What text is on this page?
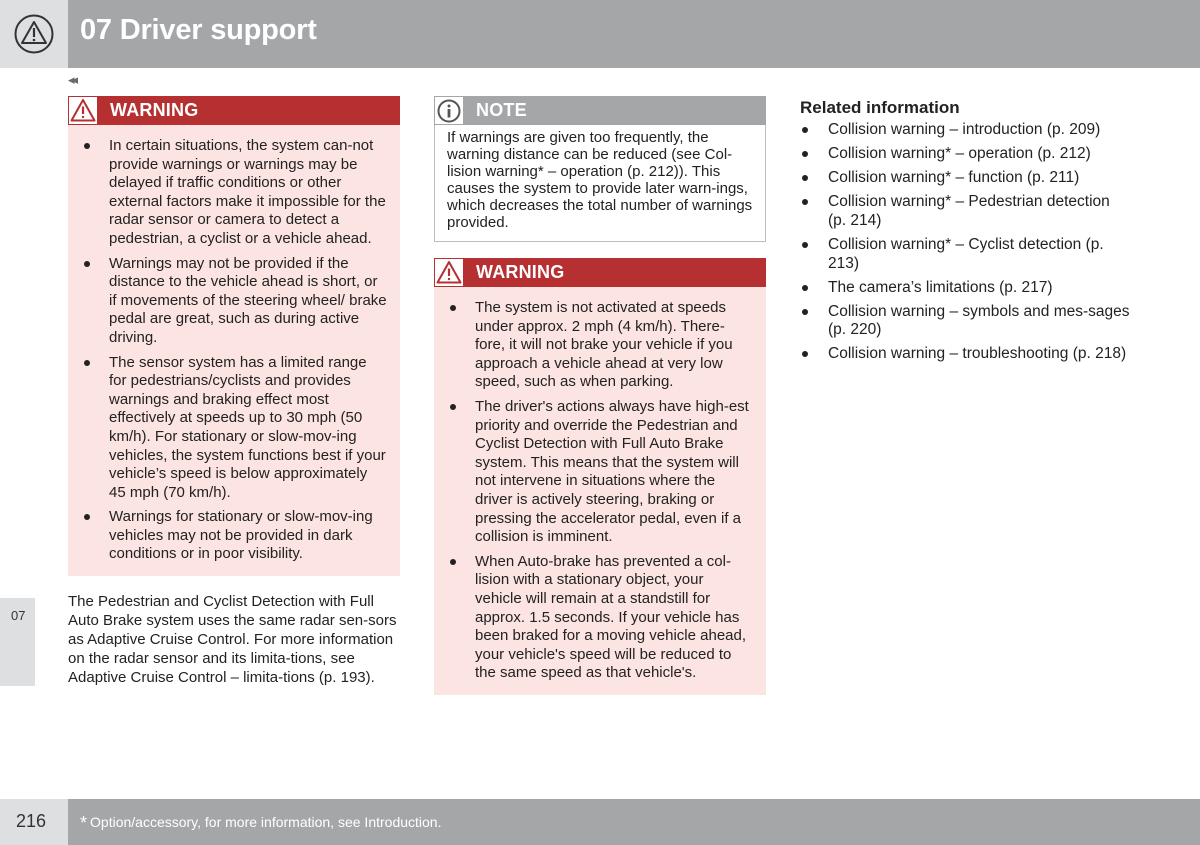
07 Driver support
◂◂
07
WARNING
In certain situations, the system can-not provide warnings or warnings may be delayed if traffic conditions or other external factors make it impossible for the radar sensor or camera to detect a pedestrian, a cyclist or a vehicle ahead.
Warnings may not be provided if the distance to the vehicle ahead is short, or if movements of the steering wheel/ brake pedal are great, such as during active driving.
The sensor system has a limited range for pedestrians/cyclists and provides warnings and braking effect most effectively at speeds up to 30 mph (50 km/h). For stationary or slow-mov-ing vehicles, the system functions best if your vehicle’s speed is below approximately 45 mph (70 km/h).
Warnings for stationary or slow-mov-ing vehicles may not be provided in dark conditions or in poor visibility.
The Pedestrian and Cyclist Detection with Full Auto Brake system uses the same radar sen-sors as Adaptive Cruise Control. For more information on the radar sensor and its limita-tions, see Adaptive Cruise Control – limita-tions (p. 193).
NOTE
If warnings are given too frequently, the warning distance can be reduced (see Col-lision warning* – operation (p. 212)). This causes the system to provide later warn-ings, which decreases the total number of warnings provided.
WARNING
The system is not activated at speeds under approx. 2 mph (4 km/h). There-fore, it will not brake your vehicle if you approach a vehicle ahead at very low speed, such as when parking.
The driver's actions always have high-est priority and override the Pedestrian and Cyclist Detection with Full Auto Brake system. This means that the system will not intervene in situations where the driver is actively steering, braking or pressing the accelerator pedal, even if a collision is imminent.
When Auto-brake has prevented a col-lision with a stationary object, your vehicle will remain at a standstill for approx. 1.5 seconds. If your vehicle has been braked for a moving vehicle ahead, your vehicle's speed will be reduced to the same speed as that vehicle's.
Related information
Collision warning – introduction (p. 209)
Collision warning* – operation (p. 212)
Collision warning* – function (p. 211)
Collision warning* – Pedestrian detection (p. 214)
Collision warning* – Cyclist detection (p. 213)
The camera’s limitations (p. 217)
Collision warning – symbols and mes-sages (p. 220)
Collision warning – troubleshooting (p. 218)
216 * Option/accessory, for more information, see Introduction.
